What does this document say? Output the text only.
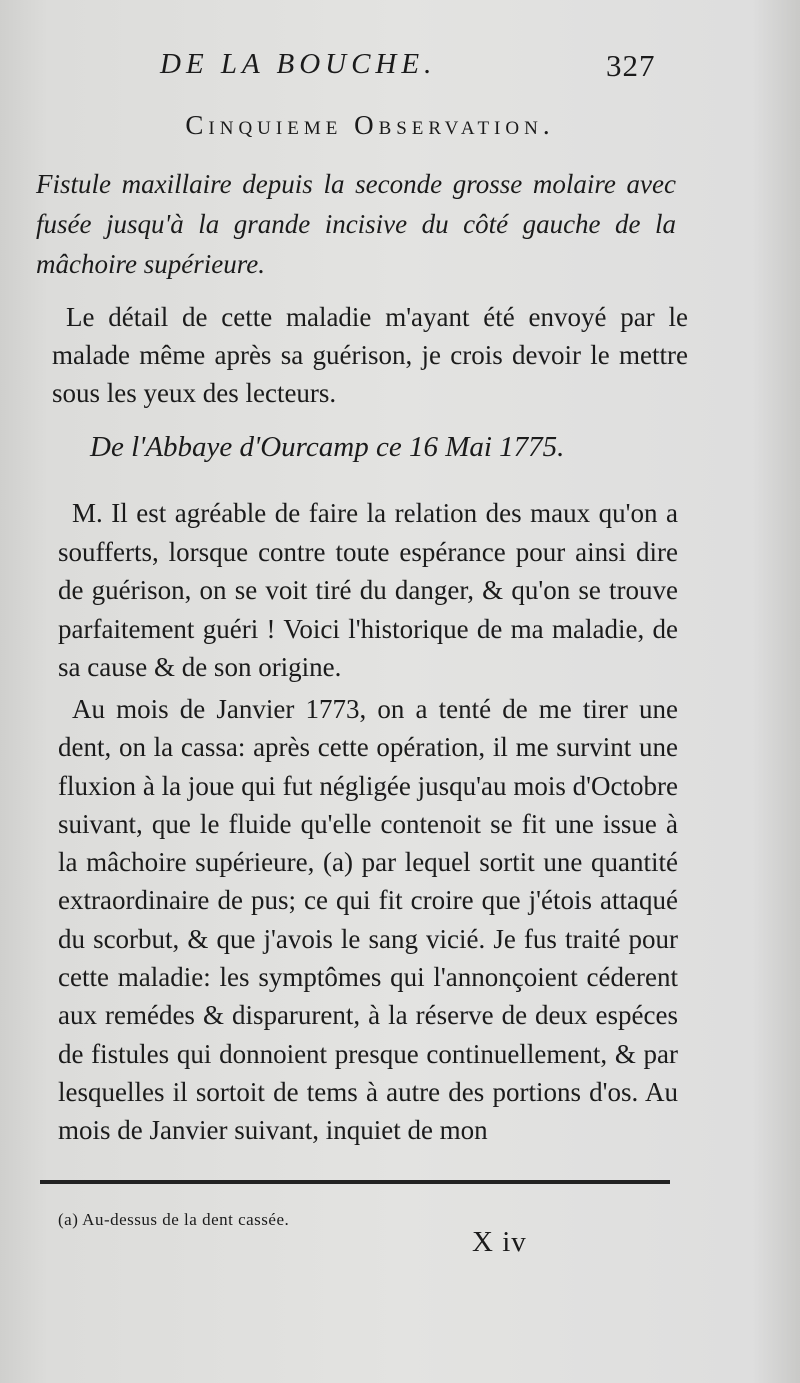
DE LA BOUCHE.	327
Cinquieme Observation.

Fistule maxillaire depuis la seconde grosse molaire avec fusée jusqu'à la grande incisive du côté gauche de la mâchoire supérieure.

Le détail de cette maladie m'ayant été envoyé par le malade même après sa guérison, je crois devoir le mettre sous les yeux des lecteurs.

De l'Abbaye d'Ourcamp ce 16 Mai 1775.

M. Il est agréable de faire la relation des maux qu'on a soufferts, lorsque contre toute espérance pour ainsi dire de guérison, on se voit tiré du danger, & qu'on se trouve parfaitement guéri ! Voici l'historique de ma maladie, de sa cause & de son origine.

Au mois de Janvier 1773, on a tenté de me tirer une dent, on la cassa: après cette opération, il me survint une fluxion à la joue qui fut négligée jusqu'au mois d'Octobre suivant, que le fluide qu'elle contenoit se fit une issue à la mâchoire supérieure, (a) par lequel sortit une quantité extraordinaire de pus; ce qui fit croire que j'étois attaqué du scorbut, & que j'avois le sang vicié. Je fus traité pour cette maladie: les symptômes qui l'annonçoient céderent aux remédes & disparurent, à la réserve de deux espéces de fistules qui donnoient presque continuellement, & par lesquelles il sortoit de tems à autre des portions d'os. Au mois de Janvier suivant, inquiet de mon

(a) Au-dessus de la dent cassée.
X iv
